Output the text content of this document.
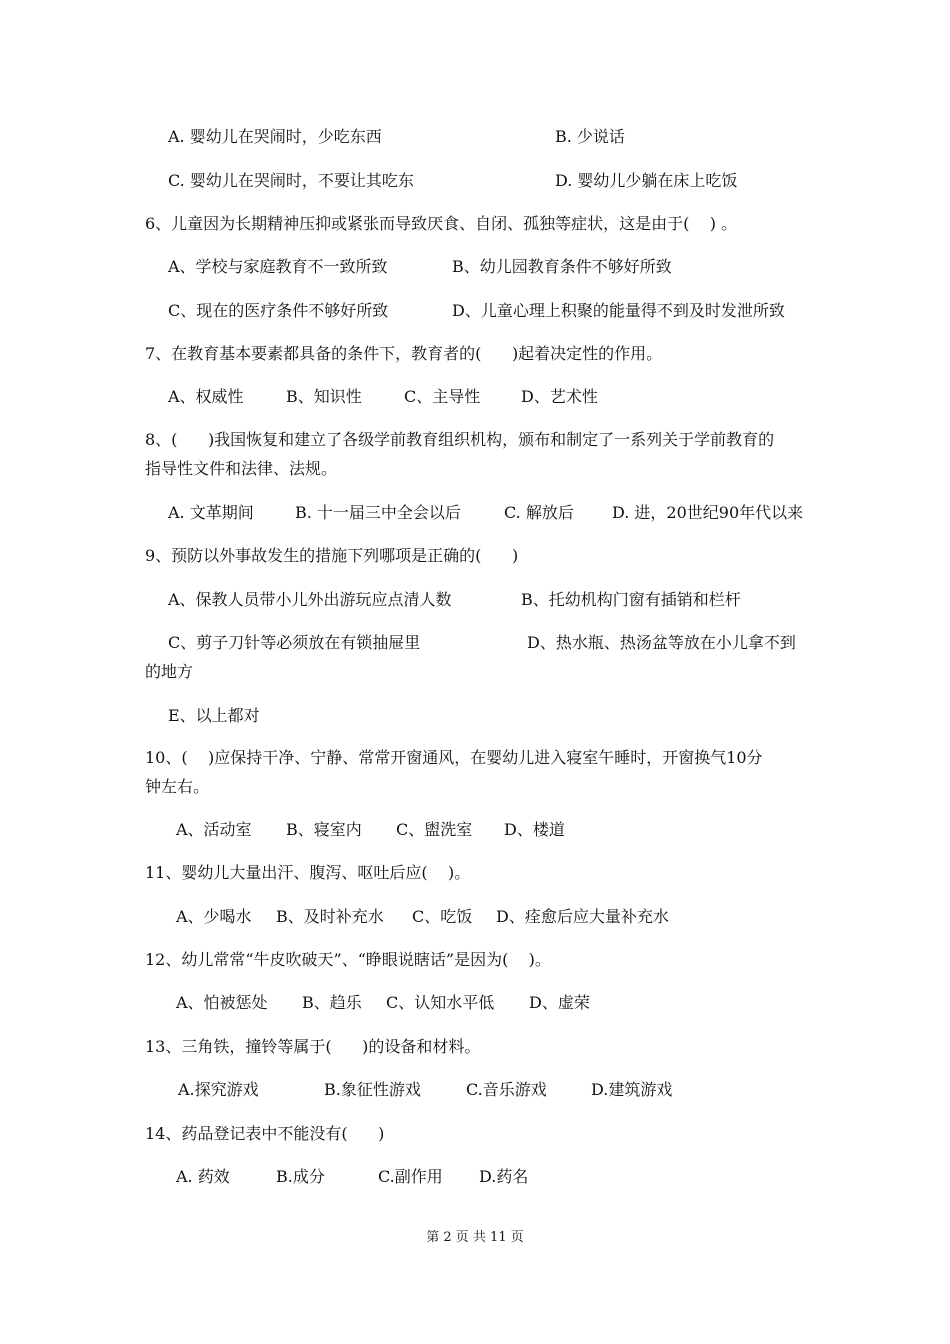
A. 婴幼儿在哭闹时，少吃东西	B. 少说话
C. 婴幼儿在哭闹时，不要让其吃东	D. 婴幼儿少躺在床上吃饭
6、儿童因为长期精神压抑或紧张而导致厌食、自闭、孤独等症状，这是由于(    ) 。
A、学校与家庭教育不一致所致	B、幼儿园教育条件不够好所致
C、现在的医疗条件不够好所致	D、儿童心理上积聚的能量得不到及时发泄所致
7、在教育基本要素都具备的条件下，教育者的(      )起着决定性的作用。
A、权威性	B、知识性	C、主导性	D、艺术性
8、(      )我国恢复和建立了各级学前教育组织机构，颁布和制定了一系列关于学前教育的
指导性文件和法律、法规。
A. 文革期间	B. 十一届三中全会以后	C. 解放后 D. 进，20世纪90年代以来
9、预防以外事故发生的措施下列哪项是正确的(      )
A、保教人员带小儿外出游玩应点清人数	B、托幼机构门窗有插销和栏杆
C、剪子刀针等必须放在有锁抽屉里	D、热水瓶、热汤盆等放在小儿拿不到
的地方
E、以上都对
10、(    )应保持干净、宁静、常常开窗通风，在婴幼儿进入寝室午睡时，开窗换气10分
钟左右。
A、活动室 B、寝室内 C、盥洗室 D、楼道
11、婴幼儿大量出汗、腹泻、呕吐后应(    )。
A、少喝水 B、及时补充水 C、吃饭 D、痊愈后应大量补充水
12、幼儿常常“牛皮吹破天”、“睁眼说瞎话”是因为(    )。
A、怕被惩处 B、趋乐 C、认知水平低 D、虚荣
13、三角铁，撞铃等属于(      )的设备和材料。
A.探究游戏	B.象征性游戏	C.音乐游戏	D.建筑游戏
14、药品登记表中不能没有(      )
A. 药效	B.成分	C.副作用 D.药名
第 2 页 共 11 页
